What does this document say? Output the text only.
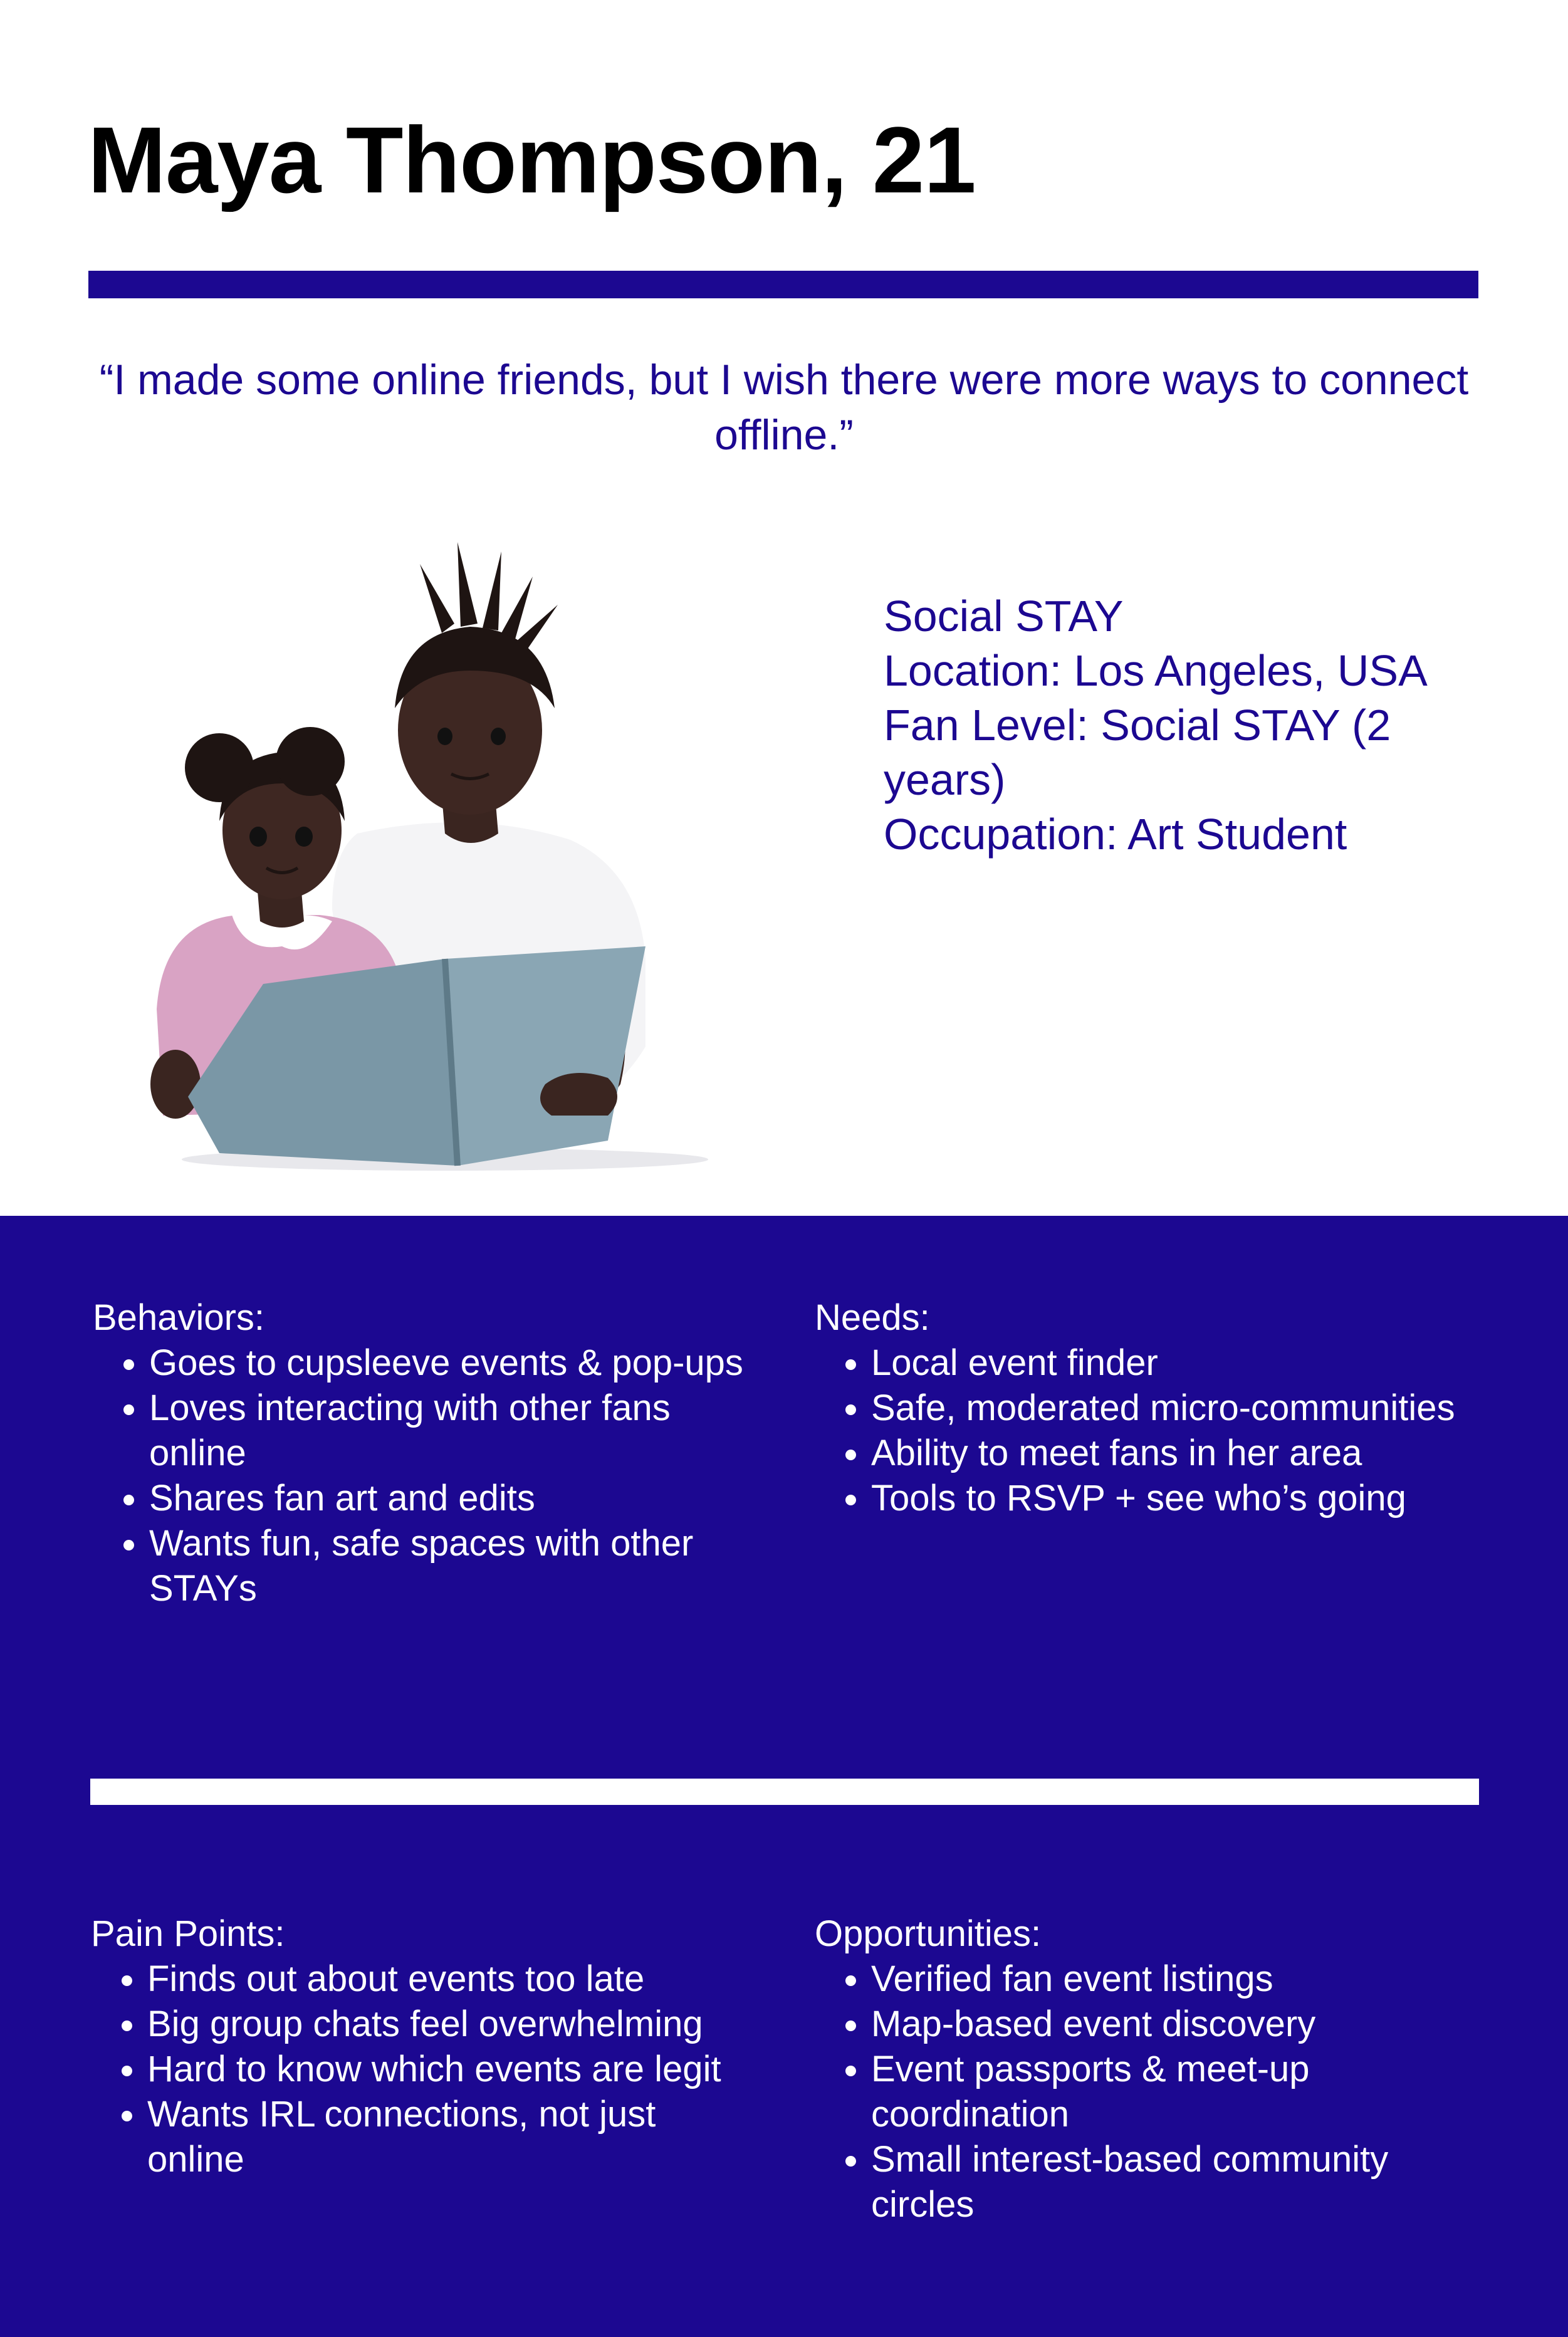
Maya Thompson, 21

“I made some online friends, but I wish there were more ways to connect offline.”

Social STAY
Location: Los Angeles, USA
Fan Level: Social STAY (2 years)
Occupation: Art Student
Behaviors:
• Goes to cupsleeve events & pop-ups
• Loves interacting with other fans online
• Shares fan art and edits
• Wants fun, safe spaces with other STAYs
Needs:
• Local event finder
• Safe, moderated micro-communities
• Ability to meet fans in her area
• Tools to RSVP + see who’s going
Pain Points:
• Finds out about events too late
• Big group chats feel overwhelming
• Hard to know which events are legit
• Wants IRL connections, not just online
Opportunities:
• Verified fan event listings
• Map-based event discovery
• Event passports & meet-up coordination
• Small interest-based community circles
